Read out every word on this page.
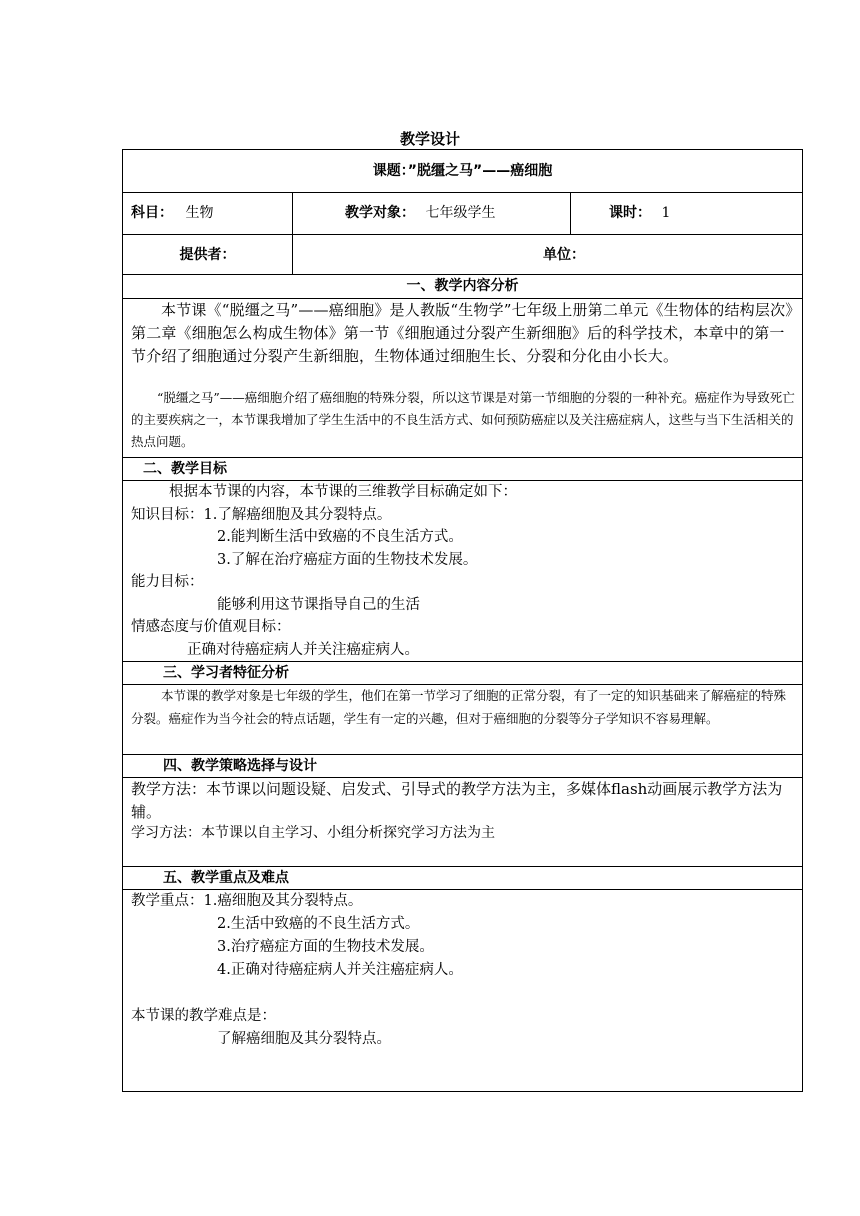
教学设计
课题：”脱缰之马”——癌细胞
科目： 生物	教学对象： 七年级学生	课时： 1
提供者：	单位：
一、教学内容分析
本节课《“脱缰之马”——癌细胞》是人教版“生物学”七年级上册第二单元《生物体的结构层次》第二章《细胞怎么构成生物体》第一节《细胞通过分裂产生新细胞》后的科学技术，本章中的第一节介绍了细胞通过分裂产生新细胞，生物体通过细胞生长、分裂和分化由小长大。
“脱缰之马”——癌细胞介绍了癌细胞的特殊分裂，所以这节课是对第一节细胞的分裂的一种补充。癌症作为导致死亡的主要疾病之一，本节课我增加了学生生活中的不良生活方式、如何预防癌症以及关注癌症病人，这些与当下生活相关的热点问题。
二、教学目标
根据本节课的内容，本节课的三维教学目标确定如下：
知识目标：1.了解癌细胞及其分裂特点。
2.能判断生活中致癌的不良生活方式。
3.了解在治疗癌症方面的生物技术发展。
能力目标：
能够利用这节课指导自己的生活
情感态度与价值观目标：
正确对待癌症病人并关注癌症病人。
三、学习者特征分析
本节课的教学对象是七年级的学生，他们在第一节学习了细胞的正常分裂，有了一定的知识基础来了解癌症的特殊分裂。癌症作为当今社会的特点话题，学生有一定的兴趣，但对于癌细胞的分裂等分子学知识不容易理解。
四、教学策略选择与设计
教学方法：本节课以问题设疑、启发式、引导式的教学方法为主，多媒体flash动画展示教学方法为辅。
学习方法：本节课以自主学习、小组分析探究学习方法为主
五、教学重点及难点
教学重点：1.癌细胞及其分裂特点。
2.生活中致癌的不良生活方式。
3.治疗癌症方面的生物技术发展。
4.正确对待癌症病人并关注癌症病人。
本节课的教学难点是：
了解癌细胞及其分裂特点。
